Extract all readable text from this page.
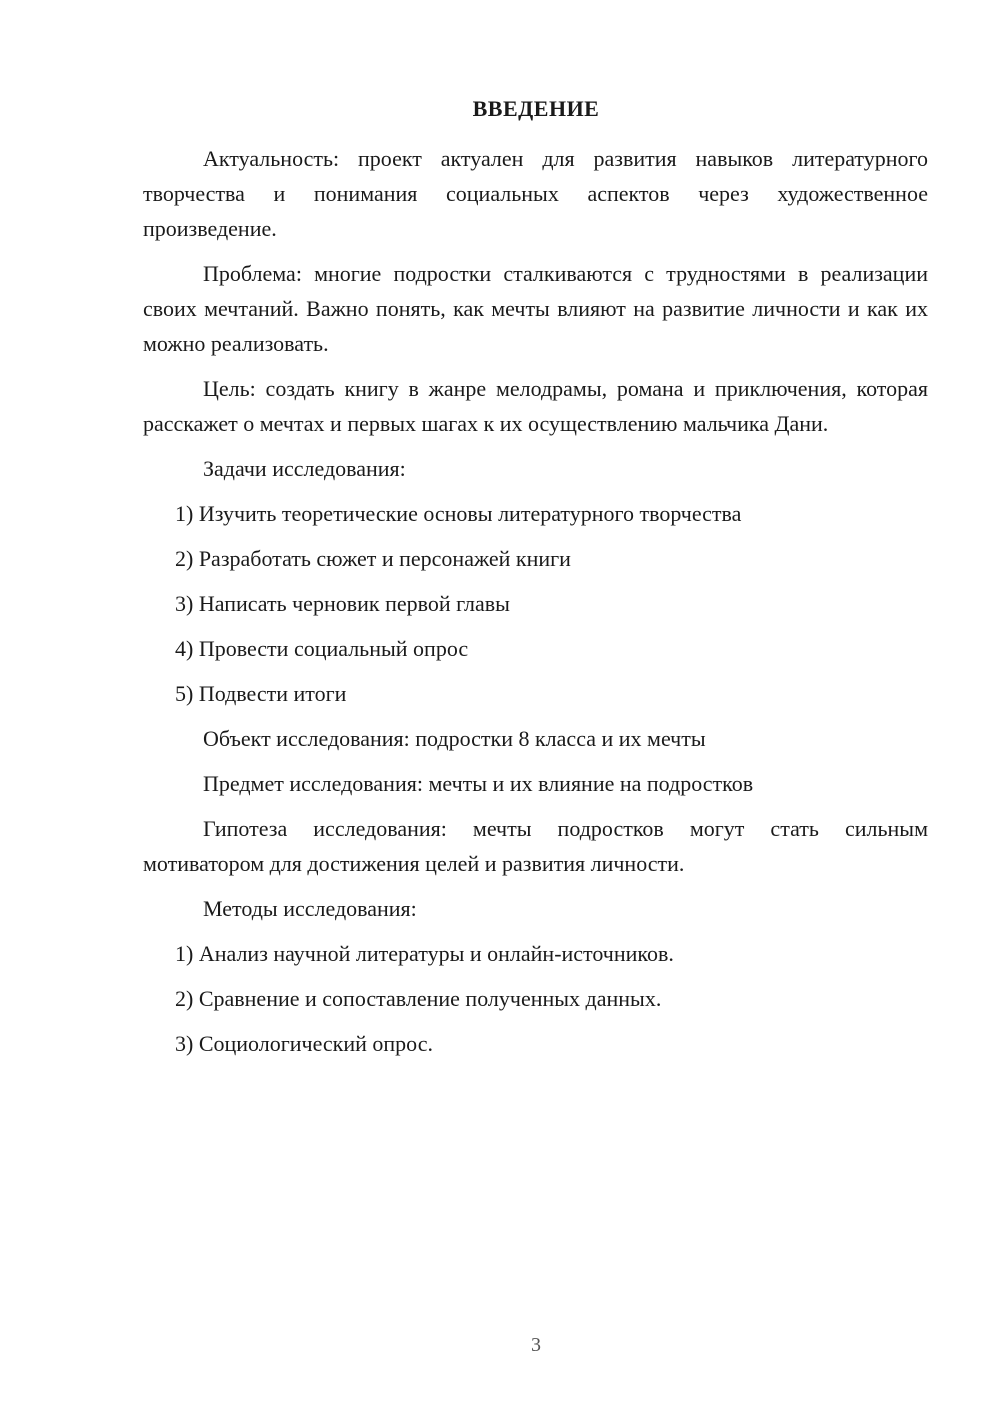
ВВЕДЕНИЕ

Актуальность: проект актуален для развития навыков литературного творчества и понимания социальных аспектов через художественное произведение.

Проблема: многие подростки сталкиваются с трудностями в реализации своих мечтаний. Важно понять, как мечты влияют на развитие личности и как их можно реализовать.

Цель: создать книгу в жанре мелодрамы, романа и приключения, которая расскажет о мечтах и первых шагах к их осуществлению мальчика Дани.

Задачи исследования:

1) Изучить теоретические основы литературного творчества

2) Разработать сюжет и персонажей книги

3) Написать черновик первой главы

4) Провести социальный опрос

5) Подвести итоги

Объект исследования: подростки 8 класса и их мечты

Предмет исследования: мечты и их влияние на подростков

Гипотеза исследования: мечты подростков могут стать сильным мотиватором для достижения целей и развития личности.

Методы исследования:

1) Анализ научной литературы и онлайн-источников.

2) Сравнение и сопоставление полученных данных.

3) Социологический опрос.

3
